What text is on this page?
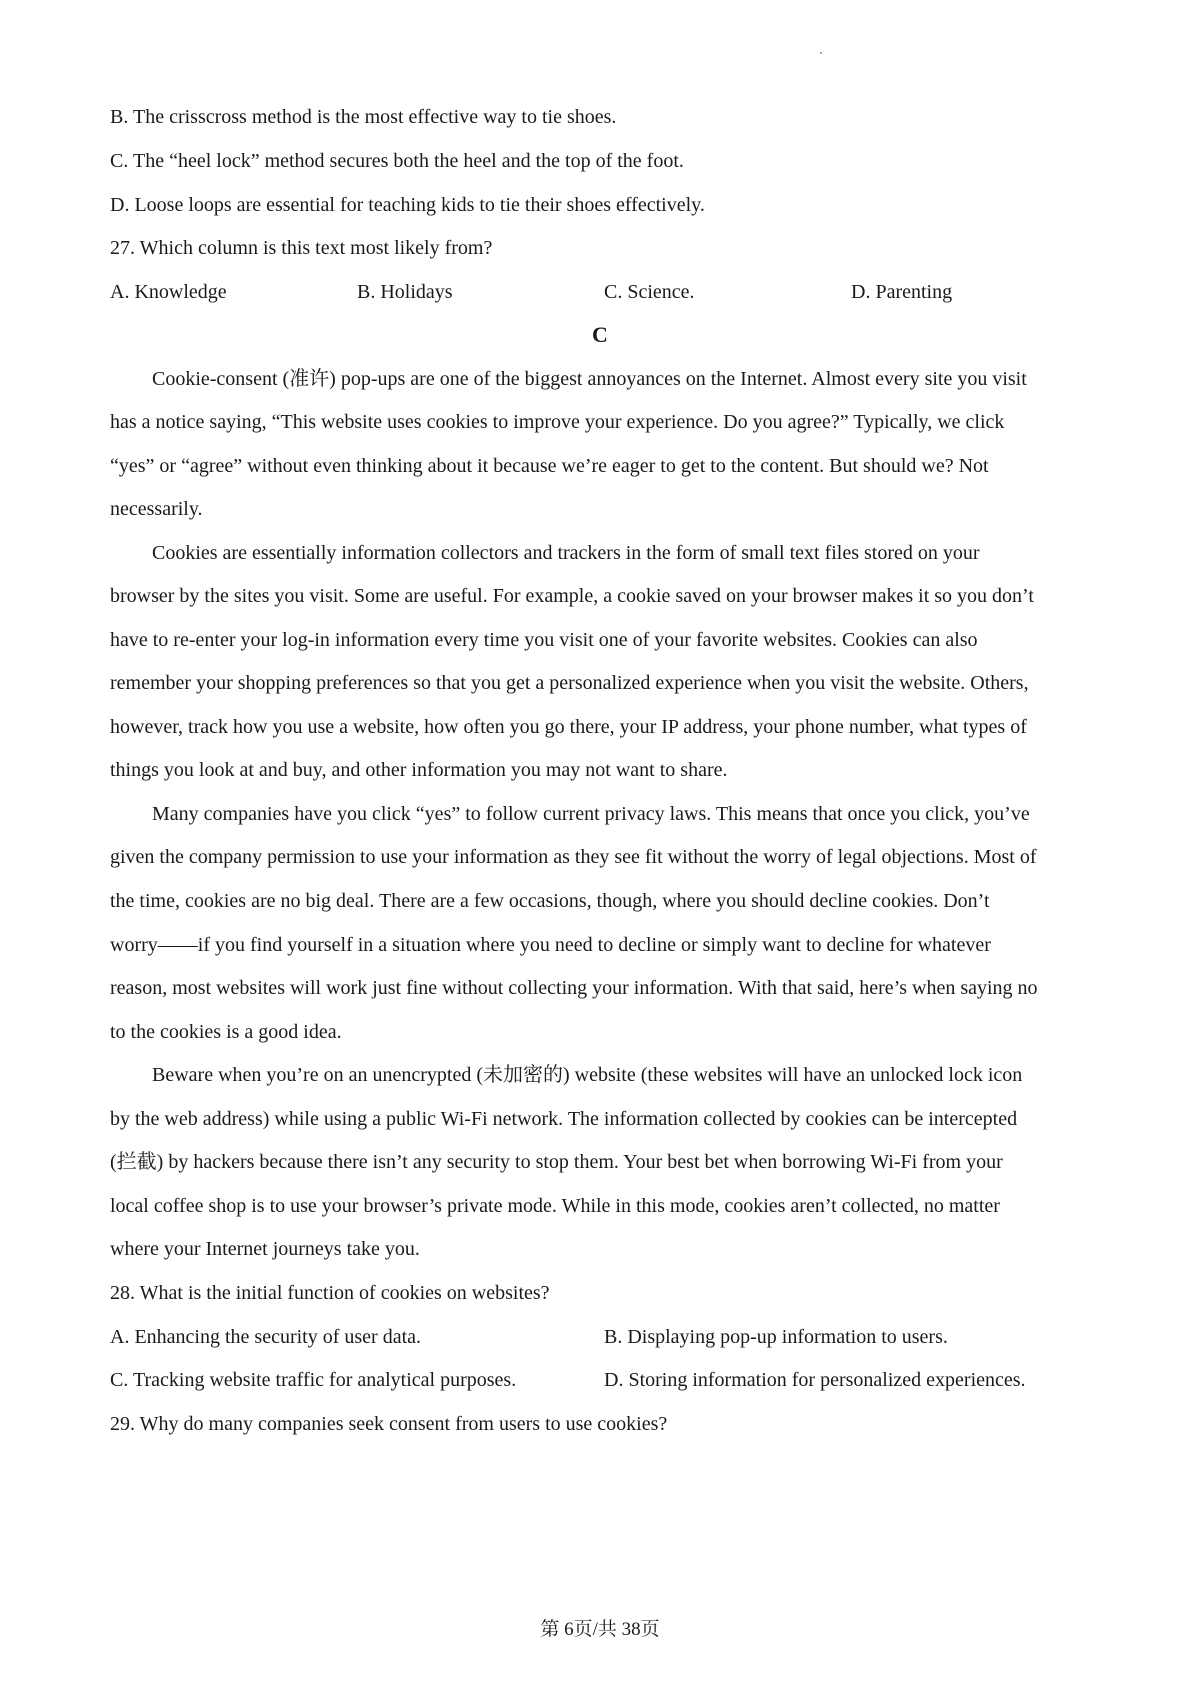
B. The crisscross method is the most effective way to tie shoes.
C. The “heel lock” method secures both the heel and the top of the foot.
D. Loose loops are essential for teaching kids to tie their shoes effectively.
27. Which column is this text most likely from?
A. Knowledge	B. Holidays	C. Science.	D. Parenting
C
Cookie-consent (准许) pop-ups are one of the biggest annoyances on the Internet. Almost every site you visit
has a notice saying, “This website uses cookies to improve your experience. Do you agree?” Typically, we click
“yes” or “agree” without even thinking about it because we’re eager to get to the content. But should we? Not
necessarily.
Cookies are essentially information collectors and trackers in the form of small text files stored on your
browser by the sites you visit. Some are useful. For example, a cookie saved on your browser makes it so you don’t
have to re-enter your log-in information every time you visit one of your favorite websites. Cookies can also
remember your shopping preferences so that you get a personalized experience when you visit the website. Others,
however, track how you use a website, how often you go there, your IP address, your phone number, what types of
things you look at and buy, and other information you may not want to share.
Many companies have you click “yes” to follow current privacy laws. This means that once you click, you’ve
given the company permission to use your information as they see fit without the worry of legal objections. Most of
the time, cookies are no big deal. There are a few occasions, though, where you should decline cookies. Don’t
worry——if you find yourself in a situation where you need to decline or simply want to decline for whatever
reason, most websites will work just fine without collecting your information. With that said, here’s when saying no
to the cookies is a good idea.
Beware when you’re on an unencrypted (未加密的) website (these websites will have an unlocked lock icon
by the web address) while using a public Wi-Fi network. The information collected by cookies can be intercepted
(拦截) by hackers because there isn’t any security to stop them. Your best bet when borrowing Wi-Fi from your
local coffee shop is to use your browser’s private mode. While in this mode, cookies aren’t collected, no matter
where your Internet journeys take you.
28. What is the initial function of cookies on websites?
A. Enhancing the security of user data.	B. Displaying pop-up information to users.
C. Tracking website traffic for analytical purposes.	D. Storing information for personalized experiences.
29. Why do many companies seek consent from users to use cookies?
第 6页/共 38页
